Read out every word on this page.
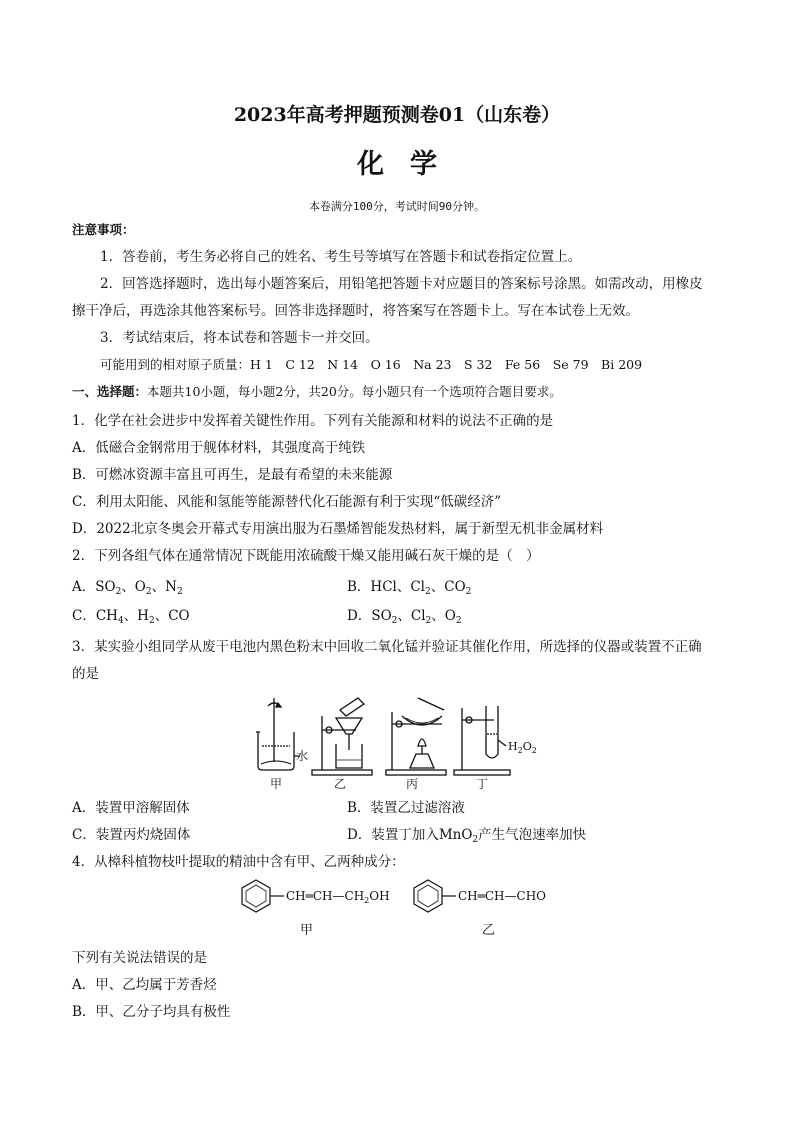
2023年高考押题预测卷01（山东卷）
化学
本卷满分100分，考试时间90分钟。
注意事项：
1．答卷前，考生务必将自己的姓名、考生号等填写在答题卡和试卷指定位置上。
2．回答选择题时，选出每小题答案后，用铅笔把答题卡对应题目的答案标号涂黑。如需改动，用橡皮
擦干净后，再选涂其他答案标号。回答非选择题时，将答案写在答题卡上。写在本试卷上无效。
3．考试结束后，将本试卷和答题卡一并交回。
可能用到的相对原子质量：H 1　C 12　N 14　O 16　Na 23　S 32　Fe 56　Se 79　Bi 209
一、选择题：本题共10小题，每小题2分，共20分。每小题只有一个选项符合题目要求。
1．化学在社会进步中发挥着关键性作用。下列有关能源和材料的说法不正确的是
A．低磁合金钢常用于舰体材料，其强度高于纯铁
B．可燃冰资源丰富且可再生，是最有希望的未来能源
C．利用太阳能、风能和氢能等能源替代化石能源有利于实现“低碳经济”
D．2022北京冬奥会开幕式专用演出服为石墨烯智能发热材料，属于新型无机非金属材料
2．下列各组气体在通常情况下既能用浓硫酸干燥又能用碱石灰干燥的是（　）
A．$SO_2$、$O_2$、$N_2$	B．HCl、$Cl_2$、$CO_2$
C．$CH_4$、$H_2$、CO	D．$SO_2$、$Cl_2$、$O_2$
3．某实验小组同学从废干电池内黑色粉末中回收二氧化锰并验证其催化作用，所选择的仪器或装置不正确
的是
水
$H_2O_2$
甲	乙	丙	丁
A．装置甲溶解固体	B．装置乙过滤溶液
C．装置丙灼烧固体	D．装置丁加入MnO$_2$产生气泡速率加快
4．从樟科植物枝叶提取的精油中含有甲、乙两种成分：
$CH═CH—CH_2OH$	CH═CH—CHO
甲	乙
下列有关说法错误的是
A．甲、乙均属于芳香烃
B．甲、乙分子均具有极性
